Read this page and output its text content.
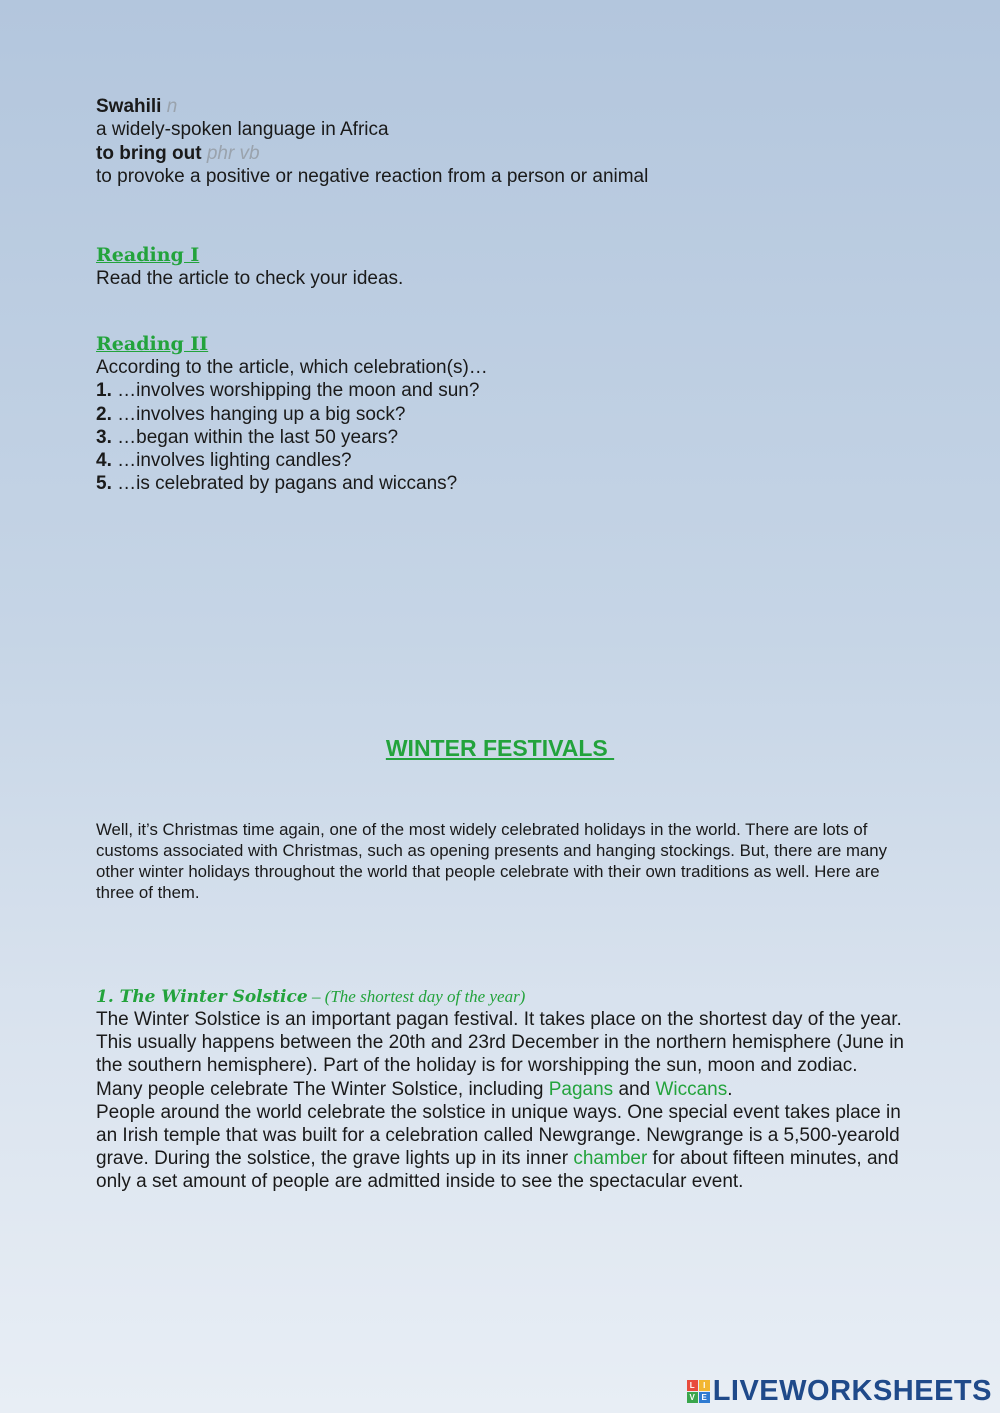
Swahili n
a widely-spoken language in Africa
to bring out phr vb
to provoke a positive or negative reaction from a person or animal
Reading I
Read the article to check your ideas.
Reading II
According to the article, which celebration(s)…
1. …involves worshipping the moon and sun?
2. …involves hanging up a big sock?
3. …began within the last 50 years?
4. …involves lighting candles?
5. …is celebrated by pagans and wiccans?
WINTER FESTIVALS
Well, it’s Christmas time again, one of the most widely celebrated holidays in the world. There are lots of customs associated with Christmas, such as opening presents and hanging stockings. But, there are many other winter holidays throughout the world that people celebrate with their own traditions as well. Here are three of them.
1. The Winter Solstice – (The shortest day of the year)
The Winter Solstice is an important pagan festival. It takes place on the shortest day of the year. This usually happens between the 20th and 23rd December in the northern hemisphere (June in the southern hemisphere). Part of the holiday is for worshipping the sun, moon and zodiac. Many people celebrate The Winter Solstice, including Pagans and Wiccans.
People around the world celebrate the solstice in unique ways. One special event takes place in an Irish temple that was built for a celebration called Newgrange. Newgrange is a 5,500-yearold grave. During the solstice, the grave lights up in its inner chamber for about fifteen minutes, and only a set amount of people are admitted inside to see the spectacular event.
L	I
V E LIVEWORKSHEETS
